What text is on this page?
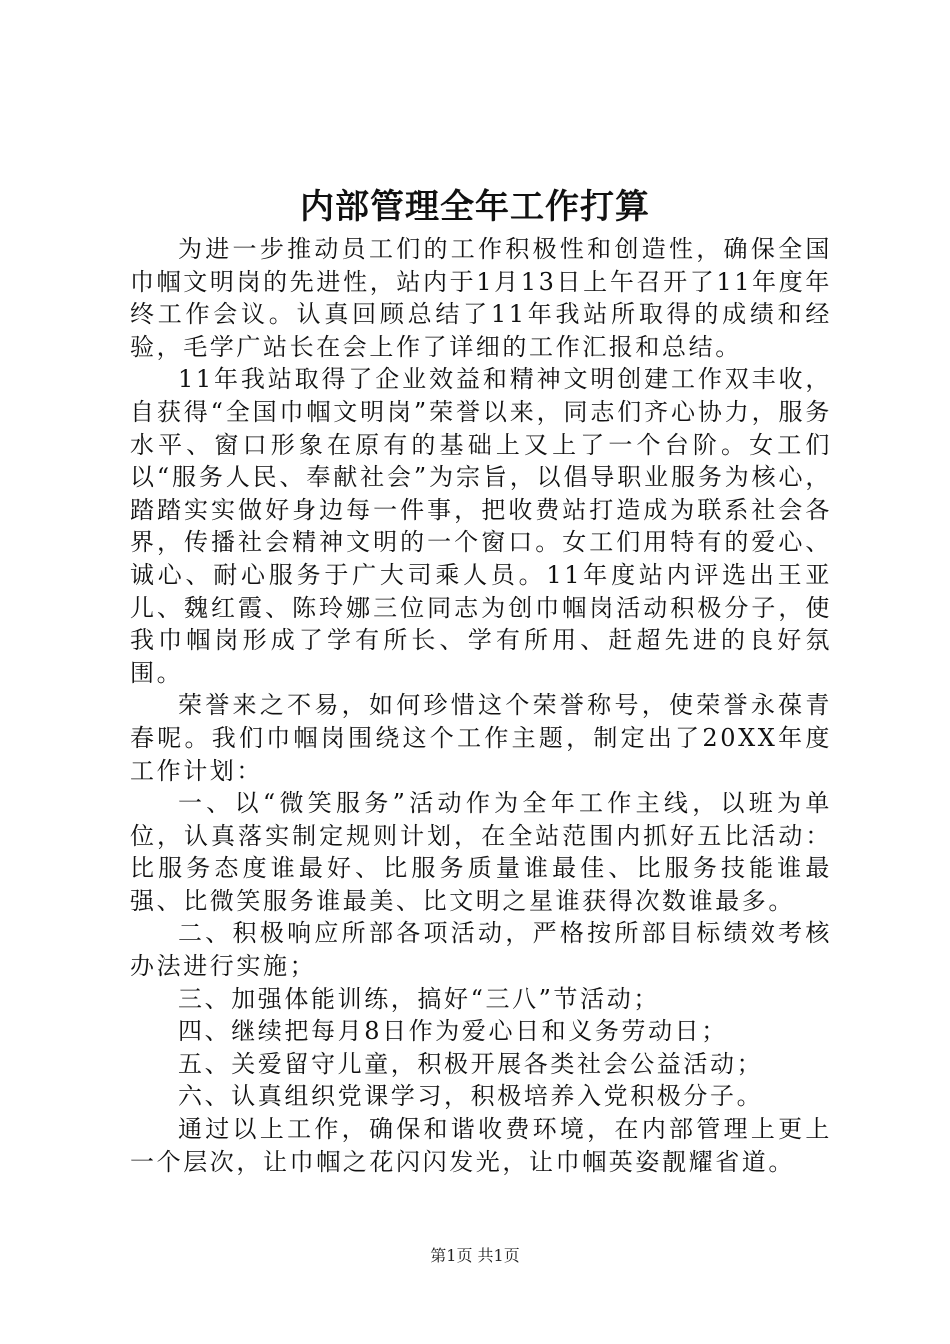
内部管理全年工作打算

为进一步推动员工们的工作积极性和创造性，确保全国巾帼文明岗的先进性，站内于1月13日上午召开了11年度年终工作会议。认真回顾总结了11年我站所取得的成绩和经验，毛学广站长在会上作了详细的工作汇报和总结。

11年我站取得了企业效益和精神文明创建工作双丰收，自获得“全国巾帼文明岗”荣誉以来，同志们齐心协力，服务水平、窗口形象在原有的基础上又上了一个台阶。女工们以“服务人民、奉献社会”为宗旨，以倡导职业服务为核心，踏踏实实做好身边每一件事，把收费站打造成为联系社会各界，传播社会精神文明的一个窗口。女工们用特有的爱心、诚心、耐心服务于广大司乘人员。11年度站内评选出王亚儿、魏红霞、陈玲娜三位同志为创巾帼岗活动积极分子，使我巾帼岗形成了学有所长、学有所用、赶超先进的良好氛围。

荣誉来之不易，如何珍惜这个荣誉称号，使荣誉永葆青春呢。我们巾帼岗围绕这个工作主题，制定出了20XX年度工作计划：

一、以“微笑服务”活动作为全年工作主线，以班为单位，认真落实制定规则计划，在全站范围内抓好五比活动：比服务态度谁最好、比服务质量谁最佳、比服务技能谁最强、比微笑服务谁最美、比文明之星谁获得次数谁最多。

二、积极响应所部各项活动，严格按所部目标绩效考核办法进行实施；

三、加强体能训练，搞好“三八”节活动；

四、继续把每月8日作为爱心日和义务劳动日；

五、关爱留守儿童，积极开展各类社会公益活动；

六、认真组织党课学习，积极培养入党积极分子。

通过以上工作，确保和谐收费环境，在内部管理上更上一个层次，让巾帼之花闪闪发光，让巾帼英姿靓耀省道。

第1页 共1页
